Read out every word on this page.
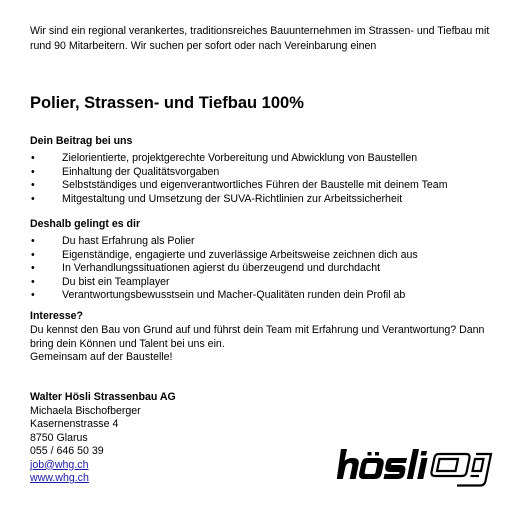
Wir sind ein regional verankertes, traditionsreiches Bauunternehmen im Strassen- und Tiefbau mit rund 90 Mitarbeitern. Wir suchen per sofort oder nach Vereinbarung einen
Polier, Strassen- und Tiefbau 100%
Dein Beitrag bei uns
•	Zielorientierte, projektgerechte Vorbereitung und Abwicklung von Baustellen
•	Einhaltung der Qualitätsvorgaben
•	Selbstständiges und eigenverantwortliches Führen der Baustelle mit deinem Team
•	Mitgestaltung und Umsetzung der SUVA-Richtlinien zur Arbeitssicherheit
Deshalb gelingt es dir
•	Du hast Erfahrung als Polier
•	Eigenständige, engagierte und zuverlässige Arbeitsweise zeichnen dich aus
•	In Verhandlungssituationen agierst du überzeugend und durchdacht
•	Du bist ein Teamplayer
•	Verantwortungsbewusstsein und Macher-Qualitäten runden dein Profil ab
Interesse?

Du kennst den Bau von Grund auf und führst dein Team mit Erfahrung und Verantwortung? Dann bring dein Können und Talent bei uns ein.

Gemeinsam auf der Baustelle!

Walter Hösli Strassenbau AG
Michaela Bischofberger
Kasernenstrasse 4
8750 Glarus
055 / 646 50 39
job@whg.ch
www.whg.ch
